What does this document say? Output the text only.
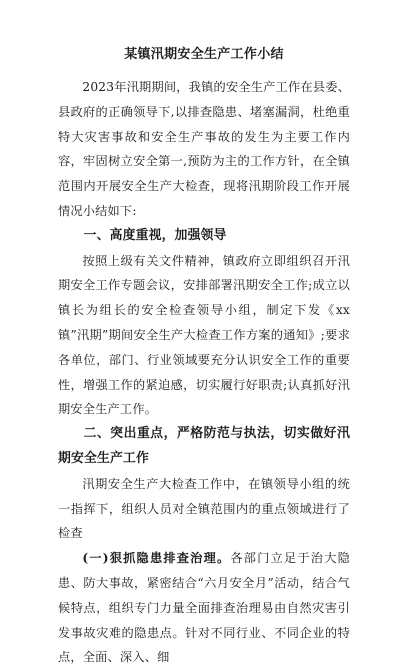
某镇汛期安全生产工作小结

2023年汛期期间，我镇的安全生产工作在县委、县政府的正确领导下,以排查隐患、堵塞漏洞，杜绝重特大灾害事故和安全生产事故的发生为主要工作内容，牢固树立安全第一,预防为主的工作方针，在全镇范围内开展安全生产大检查，现将汛期阶段工作开展情况小结如下:

一、高度重视，加强领导

按照上级有关文件精神，镇政府立即组织召开汛期安全工作专题会议，安排部署汛期安全工作;成立以镇长为组长的安全检查领导小组，制定下发《xx镇”汛期”期间安全生产大检查工作方案的通知》;要求各单位，部门、行业领域要充分认识安全工作的重要性，增强工作的紧迫感，切实履行好职责;认真抓好汛期安全生产工作。

二、突出重点，严格防范与执法，切实做好汛期安全生产工作

汛期安全生产大检查工作中，在镇领导小组的统一指挥下，组织人员对全镇范围内的重点领域进行了检查

(一)狠抓隐患排查治理。各部门立足于治大隐患、防大事故，紧密结合“六月安全月”活动，结合气候特点，组织专门力量全面排查治理易由自然灾害引发事故灾难的隐患点。针对不同行业、不同企业的特点，全面、深入、细
